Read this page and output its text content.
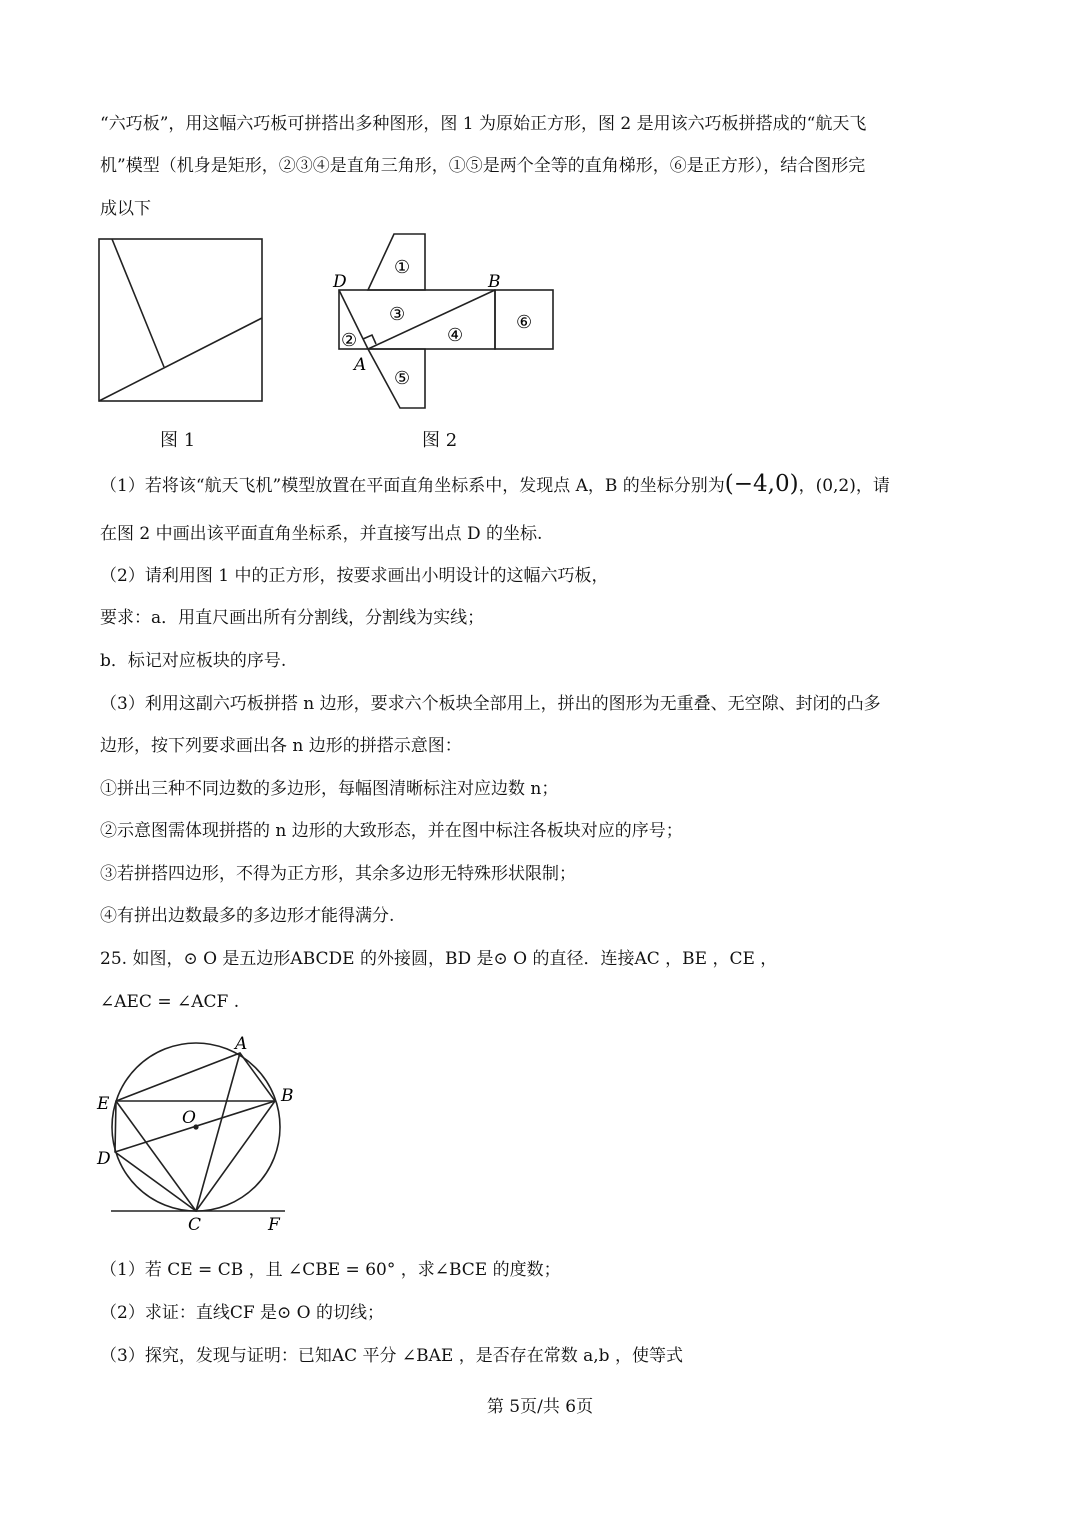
“六巧板”，用这幅六巧板可拼搭出多种图形，图 1 为原始正方形，图 2 是用该六巧板拼搭成的“航天飞
机”模型（机身是矩形，②③④是直角三角形，①⑤是两个全等的直角梯形，⑥是正方形），结合图形完
成以下
图 1
D	B
A
①
②
③
④
⑤
⑥
图 2
（1）若将该“航天飞机”模型放置在平面直角坐标系中，发现点 A，B 的坐标分别为(−4,0)，(0,2)，请
在图 2 中画出该平面直角坐标系，并直接写出点 D 的坐标.
（2）请利用图 1 中的正方形，按要求画出小明设计的这幅六巧板，
要求：a．用直尺画出所有分割线，分割线为实线；
b．标记对应板块的序号.
（3）利用这副六巧板拼搭 n 边形，要求六个板块全部用上，拼出的图形为无重叠、无空隙、封闭的凸多
边形，按下列要求画出各 n 边形的拼搭示意图：
①拼出三种不同边数的多边形，每幅图清晰标注对应边数 n；
②示意图需体现拼搭的 n 边形的大致形态，并在图中标注各板块对应的序号；
③若拼搭四边形，不得为正方形，其余多边形无特殊形状限制；
④有拼出边数最多的多边形才能得满分.
25. 如图，⊙ O 是五边形ABCDE 的外接圆，BD 是⊙ O 的直径．连接AC ，BE ，CE ，
∠AEC = ∠ACF .
A
B
E
O
D
C	F
（1）若 CE = CB ，且 ∠CBE = 60° ，求∠BCE 的度数；
（2）求证：直线CF 是⊙ O 的切线；
（3）探究，发现与证明：已知AC 平分 ∠BAE ，是否存在常数 a,b ，使等式
第 5页/共 6页
